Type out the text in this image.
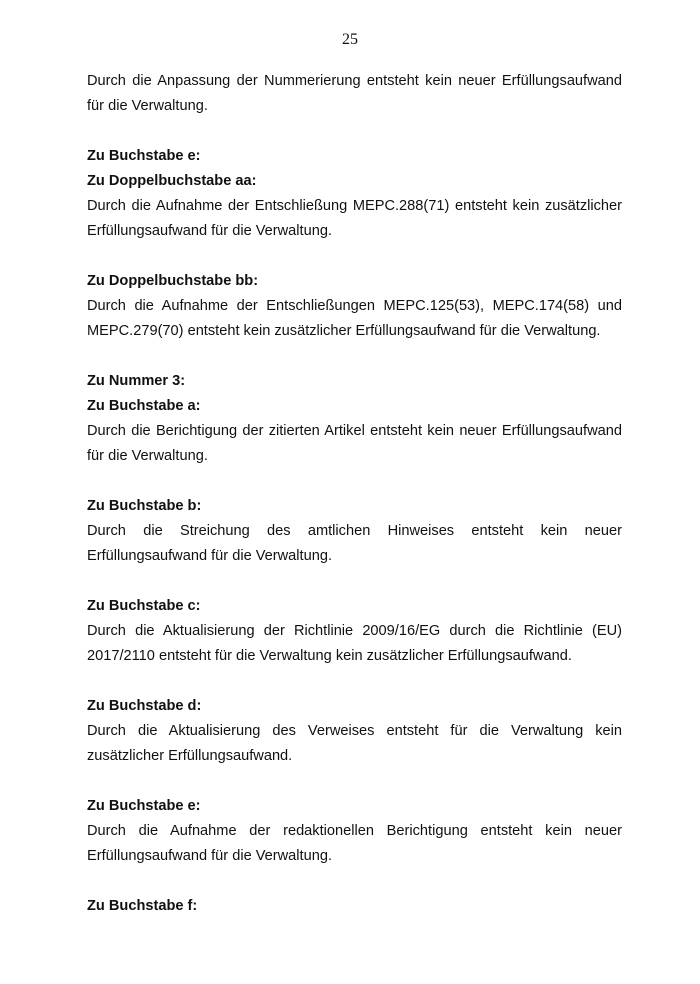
25

Durch die Anpassung der Nummerierung entsteht kein neuer Erfüllungsaufwand für die Verwaltung.

Zu Buchstabe e:

Zu Doppelbuchstabe aa:

Durch die Aufnahme der Entschließung MEPC.288(71) entsteht kein zusätzlicher Erfüllungsaufwand für die Verwaltung.

Zu Doppelbuchstabe bb:

Durch die Aufnahme der Entschließungen MEPC.125(53), MEPC.174(58) und MEPC.279(70) entsteht kein zusätzlicher Erfüllungsaufwand für die Verwaltung.

Zu Nummer 3:

Zu Buchstabe a:

Durch die Berichtigung der zitierten Artikel entsteht kein neuer Erfüllungsaufwand für die Verwaltung.

Zu Buchstabe b:

Durch die Streichung des amtlichen Hinweises entsteht kein neuer Erfüllungsaufwand für die Verwaltung.

Zu Buchstabe c:

Durch die Aktualisierung der Richtlinie 2009/16/EG durch die Richtlinie (EU) 2017/2110 entsteht für die Verwaltung kein zusätzlicher Erfüllungsaufwand.

Zu Buchstabe d:

Durch die Aktualisierung des Verweises entsteht für die Verwaltung kein zusätzlicher Erfüllungsaufwand.

Zu Buchstabe e:

Durch die Aufnahme der redaktionellen Berichtigung entsteht kein neuer Erfüllungsaufwand für die Verwaltung.

Zu Buchstabe f:
